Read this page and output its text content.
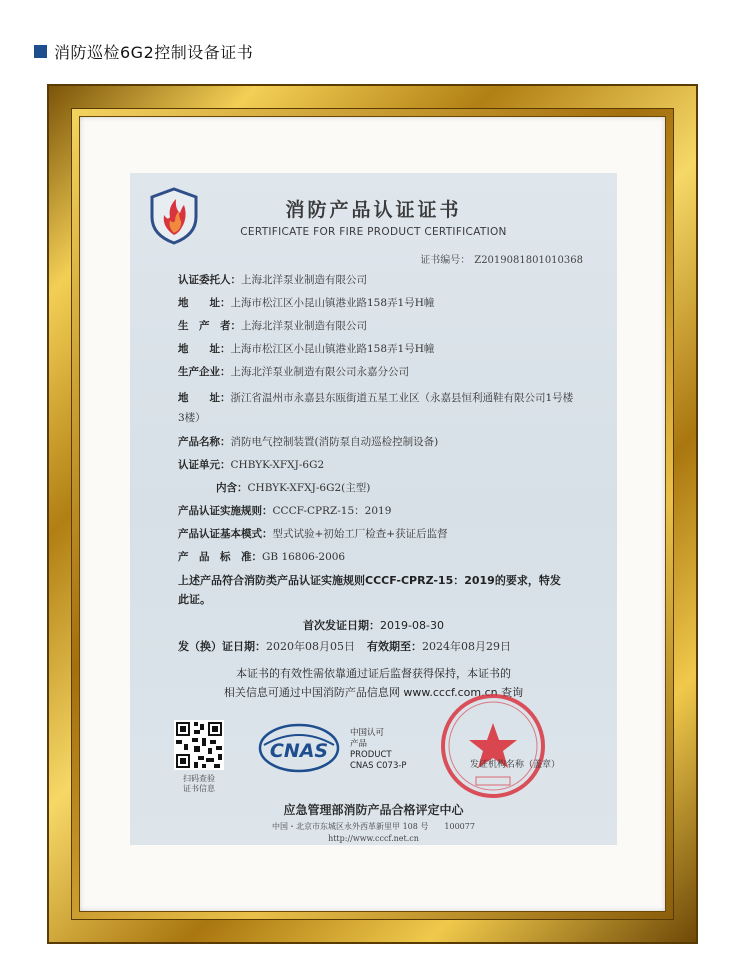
消防巡检6G2控制设备证书
消防产品认证证书
CERTIFICATE FOR FIRE PRODUCT CERTIFICATION
证书编号： Z2019081801010368
认证委托人：上海北洋泵业制造有限公司
地　　址：上海市松江区小昆山镇港业路158弄1号H幢
生　产　者：上海北洋泵业制造有限公司
地　　址：上海市松江区小昆山镇港业路158弄1号H幢
生产企业：上海北洋泵业制造有限公司永嘉分公司
地　　址：浙江省温州市永嘉县东瓯街道五星工业区（永嘉县恒利通鞋有限公司1号楼3楼）
产品名称：消防电气控制装置(消防泵自动巡检控制设备)
认证单元：CHBYK-XFXJ-6G2
内含：CHBYK-XFXJ-6G2(主型)
产品认证实施规则：CCCF-CPRZ-15：2019
产品认证基本模式：型式试验+初始工厂检查+获证后监督
产　品　标　准：GB 16806-2006
上述产品符合消防类产品认证实施规则CCCF-CPRZ-15：2019的要求，特发此证。
首次发证日期：2019-08-30
发（换）证日期：2020年08月05日 有效期至：2024年08月29日
本证书的有效性需依靠通过证后监督获得保持，本证书的
相关信息可通过中国消防产品信息网 www.cccf.com.cn 查询
扫码查验
证书信息
CNAS
中国认可
产品
PRODUCT
CNAS C073-P	发证机构名称（盖章）
应急管理部消防产品合格评定中心
中国・北京市东城区永外西革新里甲 108 号　　100077
http://www.cccf.net.cn
